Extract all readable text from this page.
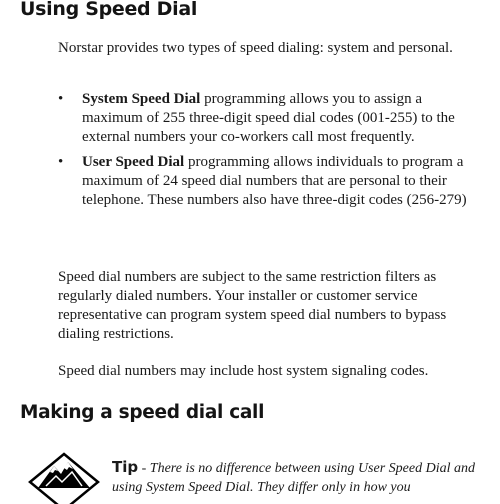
Using Speed Dial

Norstar provides two types of speed dialing: system and personal.

• System Speed Dial programming allows you to assign a maximum of 255 three-digit speed dial codes (001-255) to the external numbers your co-workers call most frequently.
• User Speed Dial programming allows individuals to program a maximum of 24 speed dial numbers that are personal to their telephone. These numbers also have three-digit codes (256-279)

Speed dial numbers are subject to the same restriction filters as regularly dialed numbers. Your installer or customer service representative can program system speed dial numbers to bypass dialing restrictions.

Speed dial numbers may include host system signaling codes.

Making a speed dial call
Tip - There is no difference between using User Speed Dial and using System Speed Dial. They differ only in how you
